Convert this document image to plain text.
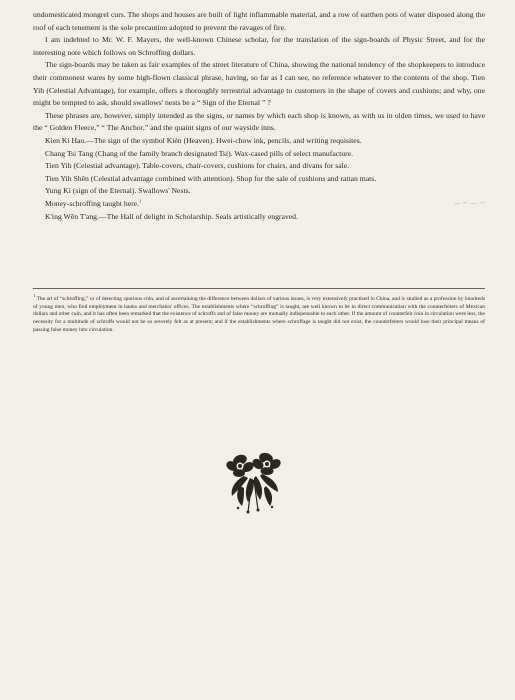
undomesticated mongrel curs. The shops and houses are built of light inflammable material, and a row of earthen pots of water disposed along the roof of each tenement is the sole precaution adopted to prevent the ravages of fire.

I am indebted to Mr. W. F. Mayers, the well-known Chinese scholar, for the translation of the sign-boards of Physic Street, and for the interesting note which follows on Schroffing dollars.

The sign-boards may be taken as fair examples of the street literature of China, showing the national tendency of the shopkeepers to introduce their commonest wares by some high-flown classical phrase, having, so far as I can see, no reference whatever to the contents of the shop. Tien Yih (Celestial Advantage), for example, offers a thoroughly terrestrial advantage to customers in the shape of covers and cushions; and why, one might be tempted to ask, should swallows' nests be a “ Sign of the Eternal ” ?

These phrases are, however, simply intended as the signs, or names by which each shop is known, as with us in olden times, we used to have the “ Golden Fleece,” “ The Anchor,” and the quaint signs of our wayside inns.

Kien Ki Hao.—The sign of the symbol Kién (Heaven). Hwei-chow ink, pencils, and writing requisites.
Chang Tsi Tang (Chang of the family branch designated Tsi). Wax-cased pills of select manufacture.
Tien Yih (Celestial advantage). Table-covers, chair-covers, cushions for chairs, and divans for sale.
Tien Yih Shên (Celestial advantage combined with attention). Shop for the sale of cushions and rattan mats.
Yung Ki (sign of the Eternal). Swallows' Nests.
Money-schroffing taught here.$^1$
K'ing Wên T'ang.—The Hall of delight in Scholarship. Seals artistically engraved.

$^1$ The art of “schroffing,” or of detecting spurious coin, and of ascertaining the difference between dollars of various issues, is very extensively practised in China, and is studied as a profession by hundreds of young men, who find employment in banks and merchants' offices. The establishments where “schroffing” is taught, are well known to be in direct communication with the counterfeiters of Mexican dollars and other coin, and it has often been remarked that the existence of schroffs and of false money are mutually indispensable to each other. If the amount of counterfeit coin in circulation were less, the necessity for a multitude of schroffs would not be so severely felt as at present; and if the establishments where schroffage is taught did not exist, the counterfeiters would lose their principal means of passing false money into circulation.
